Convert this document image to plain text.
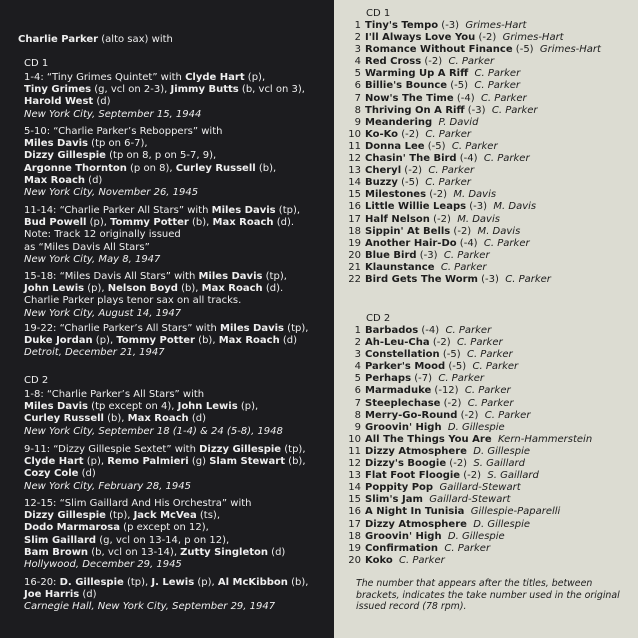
Charlie Parker (alto sax) with
CD 1
CD 2

1-4: “Tiny Grimes Quintet” with Clyde Hart (p),

Tiny Grimes (g, vcl on 2-3), Jimmy Butts (b, vcl on 3),

Harold West (d)

New York City, September 15, 1944

5-10: “Charlie Parker’s Reboppers” with

Miles Davis (tp on 6-7),

Dizzy Gillespie (tp on 8, p on 5-7, 9),

Argonne Thornton (p on 8), Curley Russell (b),

Max Roach (d)

New York City, November 26, 1945

11-14: “Charlie Parker All Stars” with Miles Davis (tp),

Bud Powell (p), Tommy Potter (b), Max Roach (d).

Note: Track 12 originally issued

as “Miles Davis All Stars”

New York City, May 8, 1947

15-18: “Miles Davis All Stars” with Miles Davis (tp),

John Lewis (p), Nelson Boyd (b), Max Roach (d).

Charlie Parker plays tenor sax on all tracks.

New York City, August 14, 1947

19-22: “Charlie Parker’s All Stars” with Miles Davis (tp),

Duke Jordan (p), Tommy Potter (b), Max Roach (d)

Detroit, December 21, 1947

1-8: “Charlie Parker’s All Stars” with

Miles Davis (tp except on 4), John Lewis (p),

Curley Russell (b), Max Roach (d)

New York City, September 18 (1-4) & 24 (5-8), 1948

9-11: “Dizzy Gillespie Sextet” with Dizzy Gillespie (tp),

Clyde Hart (p), Remo Palmieri (g) Slam Stewart (b),

Cozy Cole (d)

New York City, February 28, 1945

12-15: “Slim Gaillard And His Orchestra” with

Dizzy Gillespie (tp), Jack McVea (ts),

Dodo Marmarosa (p except on 12),

Slim Gaillard (g, vcl on 13-14, p on 12),

Bam Brown (b, vcl on 13-14), Zutty Singleton (d)

Hollywood, December 29, 1945

16-20: D. Gillespie (tp), J. Lewis (p), Al McKibbon (b),

Joe Harris (d)

Carnegie Hall, New York City, September 29, 1947

CD 1
1 Tiny's Tempo (-3)  Grimes-Hart
2 I'll Always Love You (-2)  Grimes-Hart
3 Romance Without Finance (-5)  Grimes-Hart
4 Red Cross (-2)  C. Parker
5 Warming Up A Riff  C. Parker
6 Billie's Bounce (-5)  C. Parker
7 Now's The Time (-4)  C. Parker
8 Thriving On A Riff (-3)  C. Parker
9 Meandering  P. David
10 Ko-Ko (-2)  C. Parker
11 Donna Lee (-5)  C. Parker
12 Chasin' The Bird (-4)  C. Parker
13 Cheryl (-2)  C. Parker
14 Buzzy (-5)  C. Parker
15 Milestones (-2)  M. Davis
16 Little Willie Leaps (-3)  M. Davis
17 Half Nelson (-2)  M. Davis
18 Sippin' At Bells (-2)  M. Davis
19 Another Hair-Do (-4)  C. Parker
20 Blue Bird (-3)  C. Parker
21 Klaunstance  C. Parker
22 Bird Gets The Worm (-3)  C. Parker
CD 2
1 Barbados (-4)  C. Parker
2 Ah-Leu-Cha (-2)  C. Parker
3 Constellation (-5)  C. Parker
4 Parker's Mood (-5)  C. Parker
5 Perhaps (-7)  C. Parker
6 Marmaduke (-12)  C. Parker
7 Steeplechase (-2)  C. Parker
8 Merry-Go-Round (-2)  C. Parker
9 Groovin' High  D. Gillespie
10 All The Things You Are  Kern-Hammerstein
11 Dizzy Atmosphere  D. Gillespie
12 Dizzy's Boogie (-2)  S. Gaillard
13 Flat Foot Floogie (-2)  S. Gaillard
14 Poppity Pop  Gaillard-Stewart
15 Slim's Jam  Gaillard-Stewart
16 A Night In Tunisia  Gillespie-Paparelli
17 Dizzy Atmosphere  D. Gillespie
18 Groovin' High  D. Gillespie
19 Confirmation  C. Parker
20 Koko  C. Parker

The number that appears after the titles, between brackets, indicates the take number used in the original issued record (78 rpm).
